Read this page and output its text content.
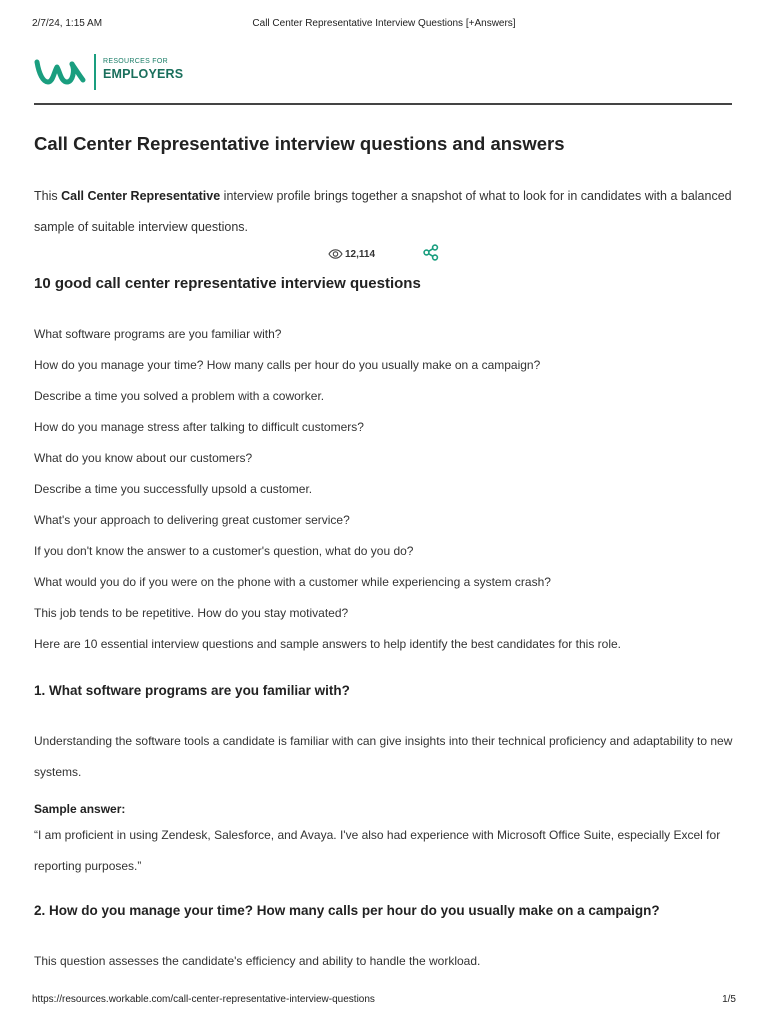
2/7/24, 1:15 AM	Call Center Representative Interview Questions [+Answers]
RESOURCES FOR
EMPLOYERS
Call Center Representative interview questions and answers

This Call Center Representative interview profile brings together a snapshot of what to look for in candidates with a balanced sample of suitable interview questions.

12,114
10 good call center representative interview questions
What software programs are you familiar with?
How do you manage your time? How many calls per hour do you usually make on a campaign?
Describe a time you solved a problem with a coworker.
How do you manage stress after talking to difficult customers?
What do you know about our customers?
Describe a time you successfully upsold a customer.
What's your approach to delivering great customer service?
If you don't know the answer to a customer's question, what do you do?
What would you do if you were on the phone with a customer while experiencing a system crash?
This job tends to be repetitive. How do you stay motivated?
Here are 10 essential interview questions and sample answers to help identify the best candidates for this role.
1. What software programs are you familiar with?

Understanding the software tools a candidate is familiar with can give insights into their technical proficiency and adaptability to new systems.

Sample answer:

“I am proficient in using Zendesk, Salesforce, and Avaya. I've also had experience with Microsoft Office Suite, especially Excel for reporting purposes.”

2. How do you manage your time? How many calls per hour do you usually make on a campaign?

This question assesses the candidate's efficiency and ability to handle the workload.

https://resources.workable.com/call-center-representative-interview-questions	1/5
